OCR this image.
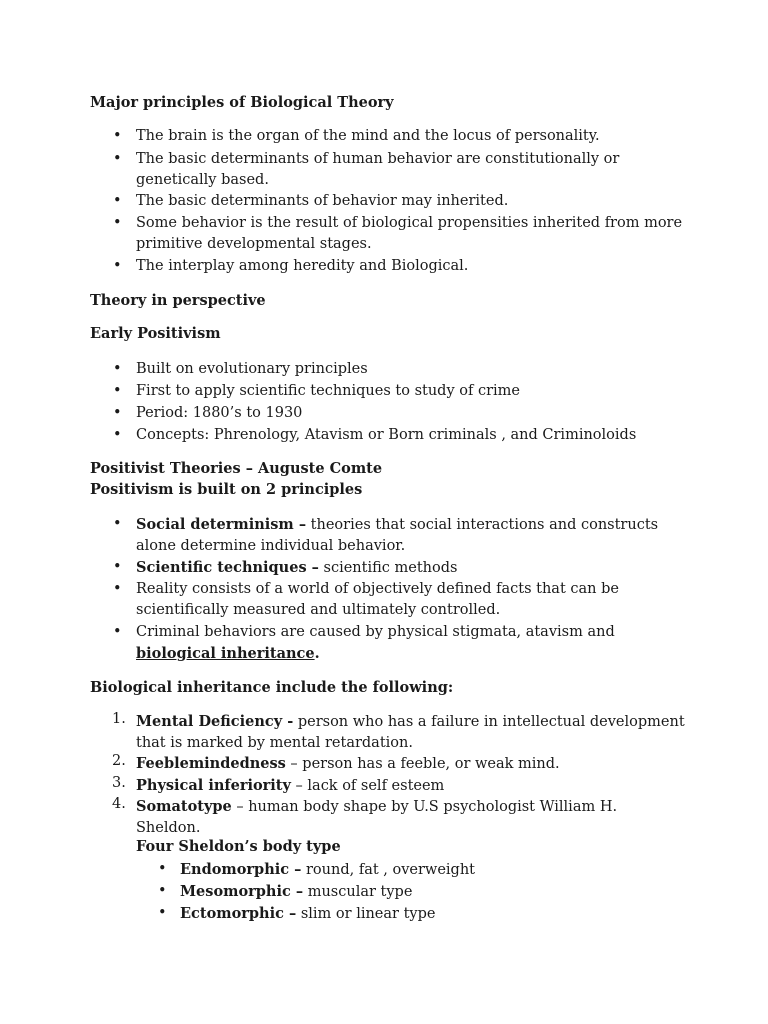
Major principles of Biological Theory
• The brain is the organ of the mind and the locus of personality.
• The basic determinants of human behavior are constitutionally or genetically based.
• The basic determinants of behavior may inherited.
• Some behavior is the result of biological propensities inherited from more primitive developmental stages.
• The interplay among heredity and Biological.
Theory in perspective
Early Positivism
• Built on evolutionary principles
• First to apply scientific techniques to study of crime
• Period: 1880’s to 1930
• Concepts: Phrenology, Atavism or Born criminals , and Criminoloids
Positivist Theories – Auguste Comte
Positivism is built on 2 principles
• Social determinism – theories that social interactions and constructs alone determine individual behavior.
• Scientific techniques – scientific methods
• Reality consists of a world of objectively defined facts that can be scientifically measured and ultimately controlled.
• Criminal behaviors are caused by physical stigmata, atavism and biological inheritance.
Biological inheritance include the following:
1. Mental Deficiency - person who has a failure in intellectual development that is marked by mental retardation.
2. Feeblemindedness – person has a feeble, or weak mind.
3. Physical inferiority – lack of self esteem
4. Somatotype – human body shape by U.S psychologist William H. Sheldon.
Four Sheldon’s body type
• Endomorphic – round, fat , overweight
• Mesomorphic – muscular type
• Ectomorphic – slim or linear type
